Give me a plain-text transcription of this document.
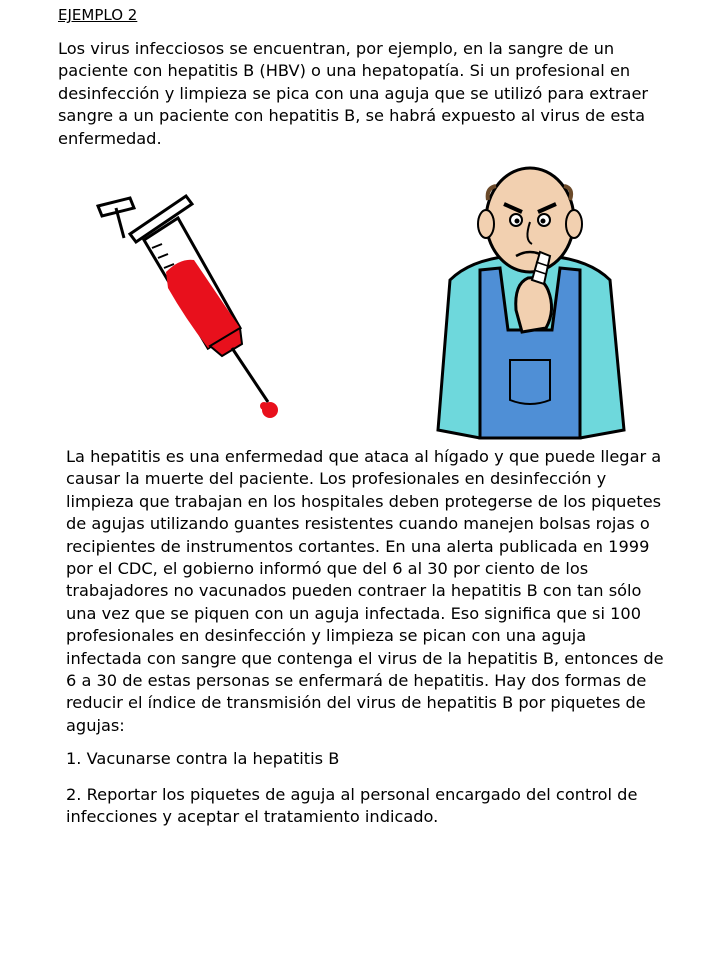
EJEMPLO 2

Los virus infecciosos se encuentran, por ejemplo, en la sangre de un paciente con hepatitis B (HBV) o una hepatopatía. Si un profesional en desinfección y limpieza se pica con una aguja que se utilizó para extraer sangre a un paciente con hepatitis B, se habrá expuesto al virus de esta enfermedad.

La hepatitis es una enfermedad que ataca al hígado y que puede llegar a causar la muerte del paciente. Los profesionales en desinfección y limpieza que trabajan en los hospitales deben protegerse de los piquetes de agujas utilizando guantes resistentes cuando manejen bolsas rojas o recipientes de instrumentos cortantes. En una alerta publicada en 1999 por el CDC, el gobierno informó que del 6 al 30 por ciento de los trabajadores no vacunados pueden contraer la hepatitis B con tan sólo una vez que se piquen con un aguja infectada. Eso significa que si 100 profesionales en desinfección y limpieza se pican con una aguja infectada con sangre que contenga el virus de la hepatitis B, entonces de 6 a 30 de estas personas se enfermará de hepatitis. Hay dos formas de reducir el índice de transmisión del virus de hepatitis B por piquetes de agujas:

1. Vacunarse contra la hepatitis B

2. Reportar los piquetes de aguja al personal encargado del control de infecciones y aceptar el tratamiento indicado.
